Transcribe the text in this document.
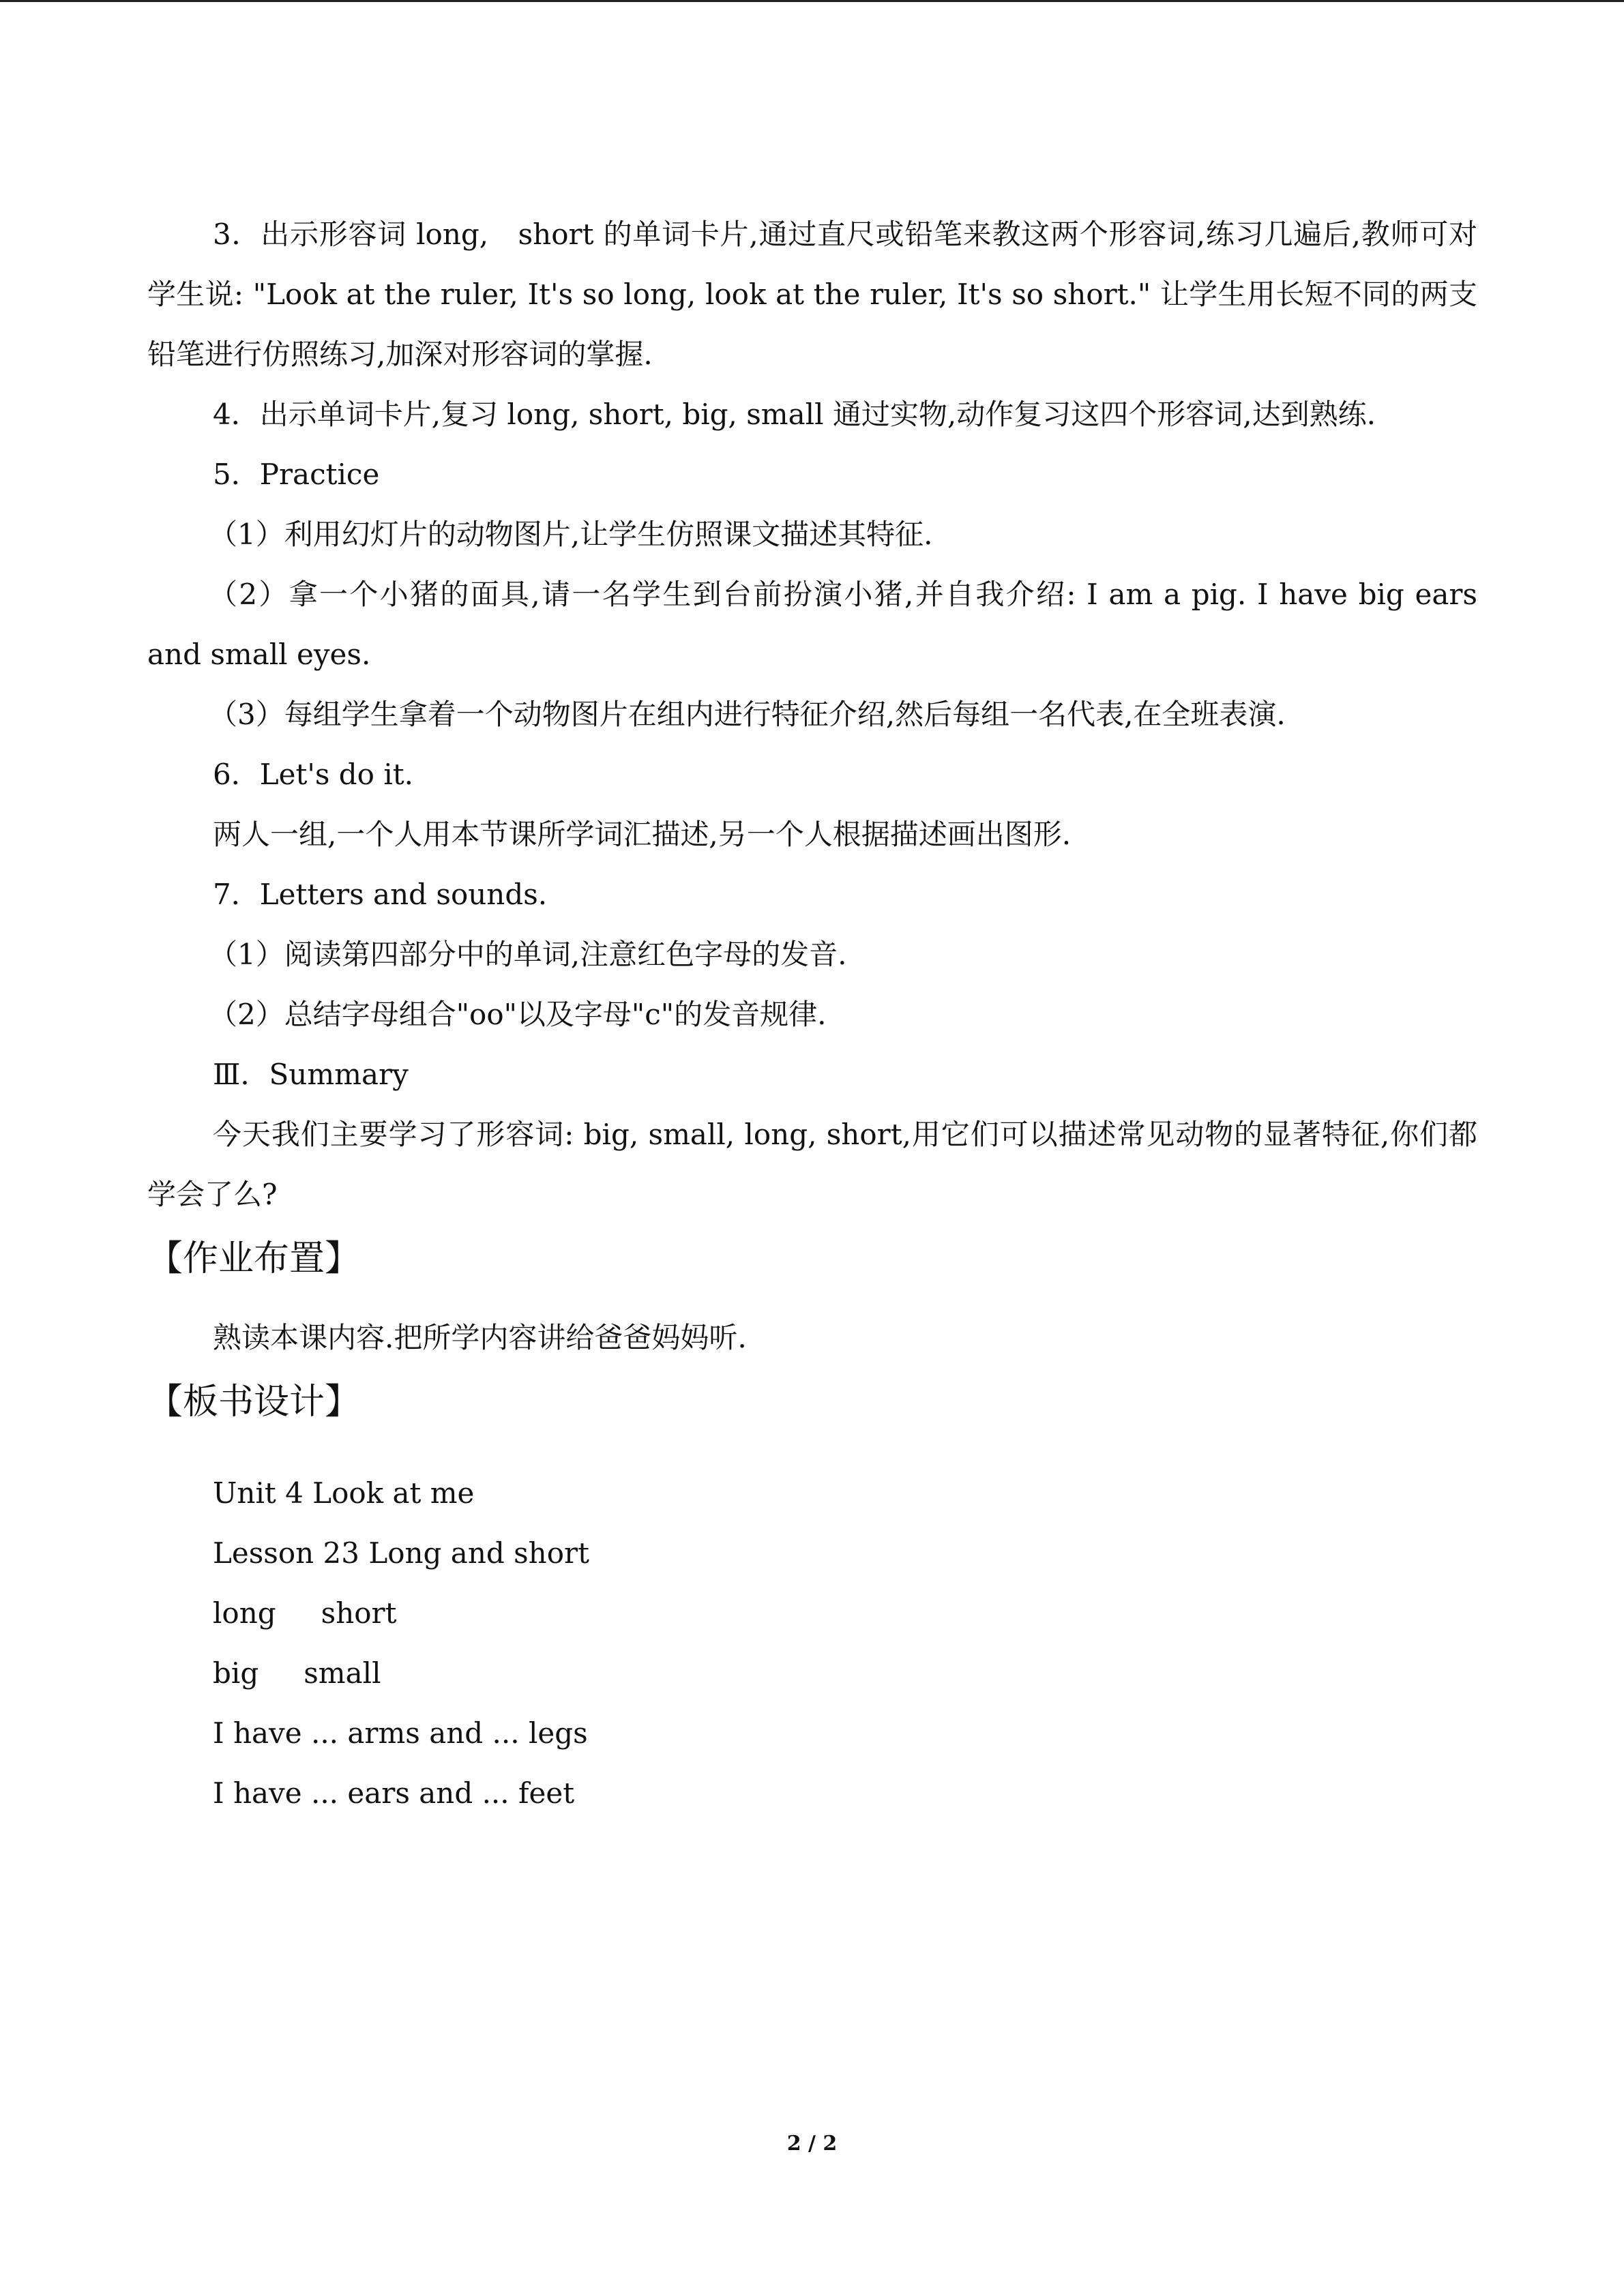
3．出示形容词 long,　short 的单词卡片,通过直尺或铅笔来教这两个形容词,练习几遍后,教师可对学生说: "Look at the ruler, It's so long, look at the ruler, It's so short." 让学生用长短不同的两支铅笔进行仿照练习,加深对形容词的掌握.

4．出示单词卡片,复习 long, short, big, small 通过实物,动作复习这四个形容词,达到熟练.

5．Practice

（1）利用幻灯片的动物图片,让学生仿照课文描述其特征.

（2）拿一个小猪的面具,请一名学生到台前扮演小猪,并自我介绍: I am a pig. I have big ears and small eyes.

（3）每组学生拿着一个动物图片在组内进行特征介绍,然后每组一名代表,在全班表演.

6．Let's do it.

两人一组,一个人用本节课所学词汇描述,另一个人根据描述画出图形.

7．Letters and sounds.

（1）阅读第四部分中的单词,注意红色字母的发音.

（2）总结字母组合"oo"以及字母"c"的发音规律.

Ⅲ．Summary

今天我们主要学习了形容词: big, small, long, short,用它们可以描述常见动物的显著特征,你们都学会了么?

【作业布置】

熟读本课内容.把所学内容讲给爸爸妈妈听.

【板书设计】

Unit 4 Look at me

Lesson 23 Long and short

long short

big small

I have ... arms and ... legs

I have ... ears and ... feet

2 / 2
